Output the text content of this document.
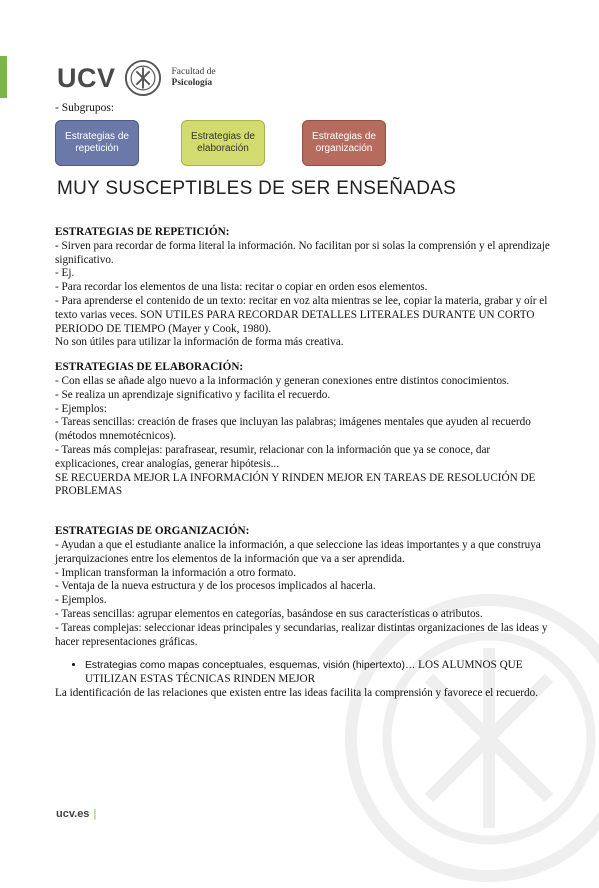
UCV	Facultad de
Psicología
- Subgrupos:
Estrategias de repetición
Estrategias de elaboración
Estrategias de organización
MUY SUSCEPTIBLES DE SER ENSEÑADAS
ESTRATEGIAS DE REPETICIÓN:
- Sirven para recordar de forma literal la información. No facilitan por si solas la comprensión y el aprendizaje significativo.
- Ej.
- Para recordar los elementos de una lista: recitar o copiar en orden esos elementos.
- Para aprenderse el contenido de un texto: recitar en voz alta mientras se lee, copiar la materia, grabar y oír el texto varias veces. SON UTILES PARA RECORDAR DETALLES LITERALES DURANTE UN CORTO PERIODO DE TIEMPO (Mayer y Cook, 1980).
No son útiles para utilizar la información de forma más creativa.
ESTRATEGIAS DE ELABORACIÓN:
- Con ellas se añade algo nuevo a la información y generan conexiones entre distintos conocimientos.
- Se realiza un aprendizaje significativo y facilita el recuerdo.
- Ejemplos:
- Tareas sencillas: creación de frases que incluyan las palabras; imágenes mentales que ayuden al recuerdo (métodos mnemotécnicos).
- Tareas más complejas: parafrasear, resumir, relacionar con la información que ya se conoce, dar explicaciones, crear analogías, generar hipótesis...
SE RECUERDA MEJOR LA INFORMACIÓN Y RINDEN MEJOR EN TAREAS DE RESOLUCIÓN DE PROBLEMAS
ESTRATEGIAS DE ORGANIZACIÓN:
- Ayudan a que el estudiante analice la información, a que seleccione las ideas importantes y a que construya jerarquizaciones entre los elementos de la información que va a ser aprendida.
- Implican transforman la información a otro formato.
- Ventaja de la nueva estructura y de los procesos implicados al hacerla.
- Ejemplos.
- Tareas sencillas: agrupar elementos en categorías, basándose en sus características o atributos.
- Tareas complejas: seleccionar ideas principales y secundarias, realizar distintas organizaciones de las ideas y hacer representaciones gráficas.
• Estrategias como mapas conceptuales, esquemas, visión (hipertexto)… LOS ALUMNOS QUE UTILIZAN ESTAS TÉCNICAS RINDEN MEJOR
La identificación de las relaciones que existen entre las ideas facilita la comprensión y favorece el recuerdo.
ucv.es |
